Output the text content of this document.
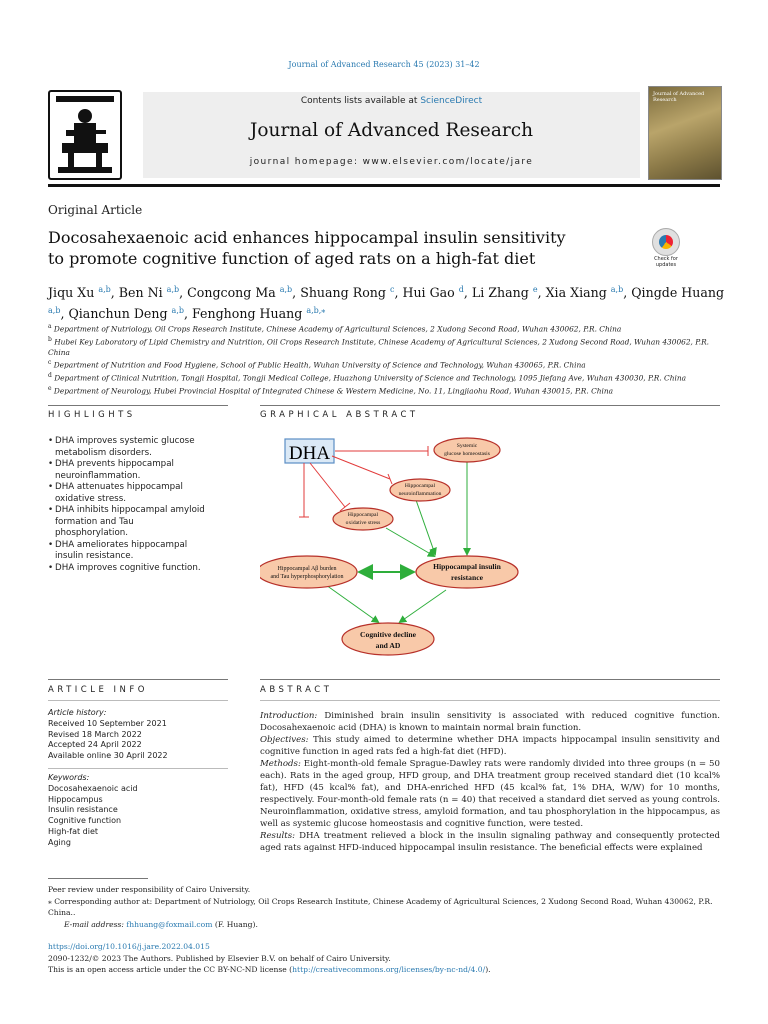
Journal of Advanced Research 45 (2023) 31–42
Contents lists available at ScienceDirect
Journal of Advanced Research
journal homepage: www.elsevier.com/locate/jare
Journal of Advanced Research
Original Article
Docosahexaenoic acid enhances hippocampal insulin sensitivity
to promote cognitive function of aged rats on a high-fat diet	Check for
updates
Jiqu Xu $^{a,b}$, Ben Ni $^{a,b}$, Congcong Ma $^{a,b}$, Shuang Rong $^c$, Hui Gao $^d$, Li Zhang $^e$, Xia Xiang $^{a,b}$, Qingde Huang $^{a,b}$, Qianchun Deng $^{a,b}$, Fenghong Huang $^{a,b,⁎}$
$^a$ Department of Nutriology, Oil Crops Research Institute, Chinese Academy of Agricultural Sciences, 2 Xudong Second Road, Wuhan 430062, P.R. China
$^b$ Hubei Key Laboratory of Lipid Chemistry and Nutrition, Oil Crops Research Institute, Chinese Academy of Agricultural Sciences, 2 Xudong Second Road, Wuhan 430062, P.R. China
$^c$ Department of Nutrition and Food Hygiene, School of Public Health, Wuhan University of Science and Technology, Wuhan 430065, P.R. China
$^d$ Department of Clinical Nutrition, Tongji Hospital, Tongji Medical College, Huazhong University of Science and Technology, 1095 Jiefang Ave, Wuhan 430030, P.R. China
$^e$ Department of Neurology, Hubei Provincial Hospital of Integrated Chinese & Western Medicine, No. 11, Lingjiaohu Road, Wuhan 430015, P.R. China
HIGHLIGHTS
• DHA improves systemic glucose metabolism disorders.
• DHA prevents hippocampal neuroinflammation.
• DHA attenuates hippocampal oxidative stress.
• DHA inhibits hippocampal amyloid formation and Tau phosphorylation.
• DHA ameliorates hippocampal insulin resistance.
• DHA improves cognitive function.
GRAPHICAL ABSTRACT
DHA	Systemic
glucose homeostasis
Hippocampal
neuroinflammation
Hippocampal
oxidative stress
Hippocampal Aβ burden
and Tau hyperphosphorylation
Hippocampal insulin
resistance
Cognitive decline
and AD
ARTICLE INFO
Article history:
Received 10 September 2021
Revised 18 March 2022
Accepted 24 April 2022
Available online 30 April 2022
Keywords:
Docosahexaenoic acid
Hippocampus
Insulin resistance
Cognitive function
High-fat diet
Aging
ABSTRACT
Introduction: Diminished brain insulin sensitivity is associated with reduced cognitive function. Docosahexaenoic acid (DHA) is known to maintain normal brain function.
Objectives: This study aimed to determine whether DHA impacts hippocampal insulin sensitivity and cognitive function in aged rats fed a high-fat diet (HFD).
Methods: Eight-month-old female Sprague-Dawley rats were randomly divided into three groups (n = 50 each). Rats in the aged group, HFD group, and DHA treatment group received standard diet (10 kcal% fat), HFD (45 kcal% fat), and DHA-enriched HFD (45 kcal% fat, 1% DHA, W/W) for 10 months, respectively. Four-month-old female rats (n = 40) that received a standard diet served as young controls. Neuroinflammation, oxidative stress, amyloid formation, and tau phosphorylation in the hippocampus, as well as systemic glucose homeostasis and cognitive function, were tested.
Results: DHA treatment relieved a block in the insulin signaling pathway and consequently protected aged rats against HFD-induced hippocampal insulin resistance. The beneficial effects were explained
Peer review under responsibility of Cairo University.
⁎ Corresponding author at: Department of Nutriology, Oil Crops Research Institute, Chinese Academy of Agricultural Sciences, 2 Xudong Second Road, Wuhan 430062, P.R. China..
E-mail address: fhhuang@foxmail.com (F. Huang).
https://doi.org/10.1016/j.jare.2022.04.015
2090-1232/© 2023 The Authors. Published by Elsevier B.V. on behalf of Cairo University.
This is an open access article under the CC BY-NC-ND license (http://creativecommons.org/licenses/by-nc-nd/4.0/).
